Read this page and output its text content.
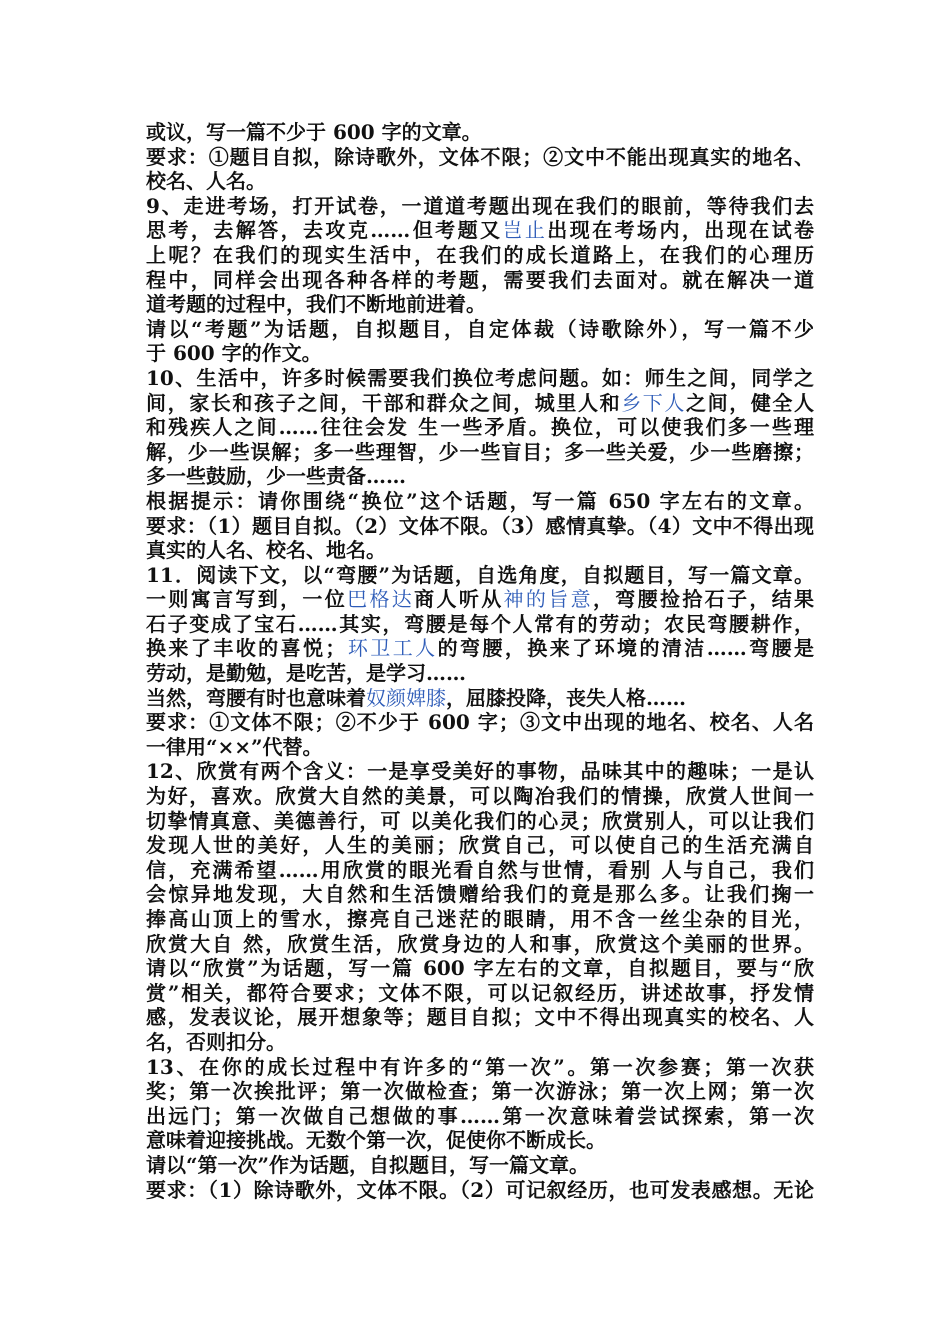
或议，写一篇不少于 600 字的文章。
要求：①题目自拟，除诗歌外，文体不限；②文中不能出现真实的地名、
校名、人名。
9、走进考场，打开试卷，一道道考题出现在我们的眼前，等待我们去
思考，去解答，去攻克……但考题又岂止出现在考场内，出现在试卷
上呢？在我们的现实生活中，在我们的成长道路上，在我们的心理历
程中，同样会出现各种各样的考题，需要我们去面对。就在解决一道
道考题的过程中，我们不断地前进着。
请以“考题”为话题，自拟题目，自定体裁（诗歌除外），写一篇不少
于 600 字的作文。
10、生活中，许多时候需要我们换位考虑问题。如：师生之间，同学之
间，家长和孩子之间，干部和群众之间，城里人和乡下人之间，健全人
和残疾人之间……往往会发 生一些矛盾。换位，可以使我们多一些理
解，少一些误解；多一些理智，少一些盲目；多一些关爱，少一些磨擦；
多一些鼓励，少一些责备……
根据提示：请你围绕“换位”这个话题，写一篇 650 字左右的文章。
要求：（1）题目自拟。（2）文体不限。（3）感情真挚。（4）文中不得出现
真实的人名、校名、地名。
11．阅读下文，以“弯腰”为话题，自选角度，自拟题目，写一篇文章。
一则寓言写到，一位巴格达商人听从神的旨意，弯腰捡拾石子，结果
石子变成了宝石……其实，弯腰是每个人常有的劳动；农民弯腰耕作，
换来了丰收的喜悦；环卫工人的弯腰，换来了环境的清洁……弯腰是
劳动，是勤勉，是吃苦，是学习……
当然，弯腰有时也意味着奴颜婢膝，屈膝投降，丧失人格……
要求：①文体不限；②不少于 600 字；③文中出现的地名、校名、人名
一律用“××”代替。
12、欣赏有两个含义：一是享受美好的事物，品味其中的趣味；一是认
为好，喜欢。欣赏大自然的美景，可以陶冶我们的情操，欣赏人世间一
切挚情真意、美德善行，可 以美化我们的心灵；欣赏别人，可以让我们
发现人世的美好，人生的美丽；欣赏自己，可以使自己的生活充满自
信，充满希望……用欣赏的眼光看自然与世情，看别 人与自己，我们
会惊异地发现，大自然和生活馈赠给我们的竟是那么多。让我们掬一
捧高山顶上的雪水，擦亮自己迷茫的眼睛，用不含一丝尘杂的目光，
欣赏大自 然，欣赏生活，欣赏身边的人和事，欣赏这个美丽的世界。
请以“欣赏”为话题，写一篇 600 字左右的文章，自拟题目，要与“欣
赏”相关，都符合要求；文体不限，可以记叙经历，讲述故事，抒发情
感，发表议论，展开想象等；题目自拟；文中不得出现真实的校名、人
名，否则扣分。
13、在你的成长过程中有许多的“第一次”。第一次参赛；第一次获
奖；第一次挨批评；第一次做检查；第一次游泳；第一次上网；第一次
出远门；第一次做自己想做的事……第一次意味着尝试探索，第一次
意味着迎接挑战。无数个第一次，促使你不断成长。
请以“第一次”作为话题，自拟题目，写一篇文章。
要求：（1）除诗歌外，文体不限。（2）可记叙经历，也可发表感想。无论
